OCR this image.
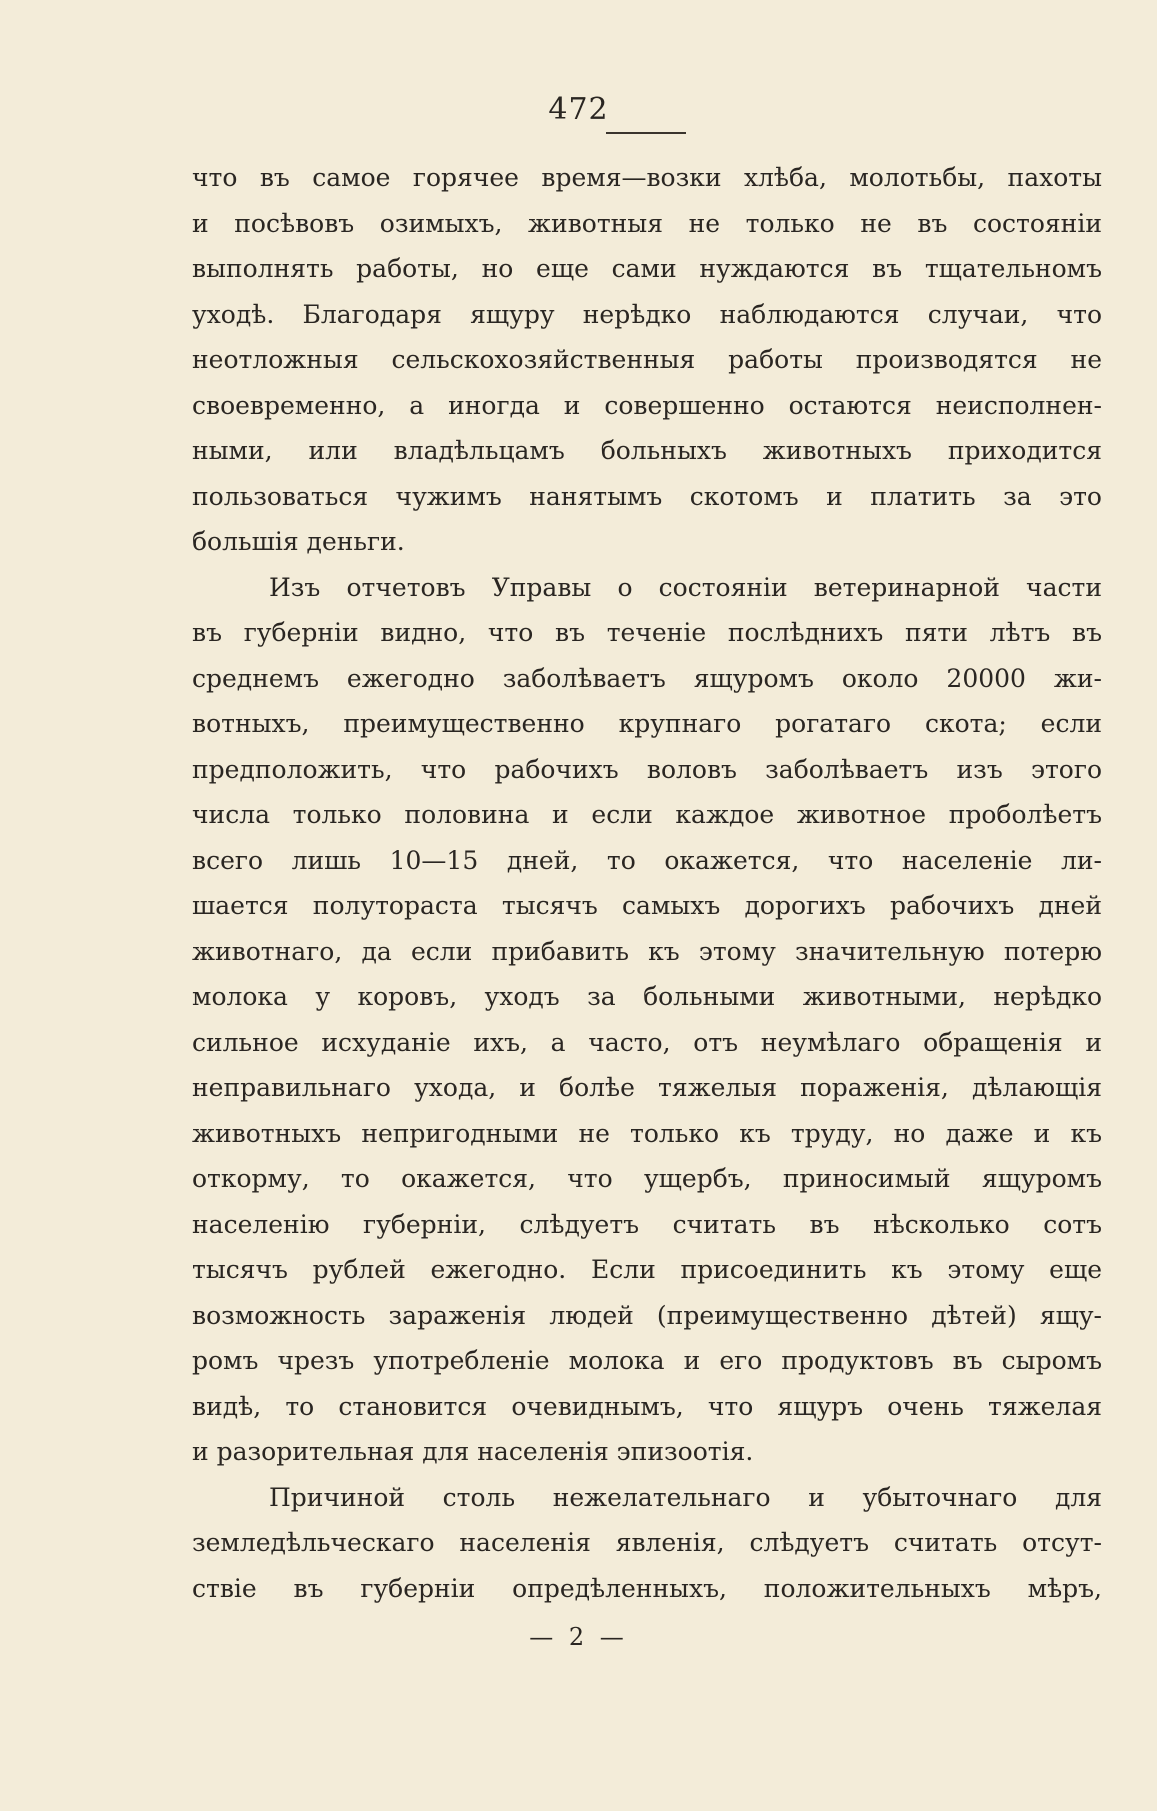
472

что въ самое горячее время—возки хлѣба, молотьбы, пахоты
и посѣвовъ озимыхъ, животныя не только не въ состояніи
выполнять работы, но еще сами нуждаются въ тщательномъ
уходѣ. Благодаря ящуру нерѣдко наблюдаются случаи, что
неотложныя сельскохозяйственныя работы производятся не
своевременно, а иногда и совершенно остаются неисполнен-
ными, или владѣльцамъ больныхъ животныхъ приходится
пользоваться чужимъ нанятымъ скотомъ и платить за это
большія деньги.

Изъ отчетовъ Управы о состояніи ветеринарной части
въ губерніи видно, что въ теченіе послѣднихъ пяти лѣтъ въ
среднемъ ежегодно заболѣваетъ ящуромъ около 20000 жи-
вотныхъ, преимущественно крупнаго рогатаго скота; если
предположить, что рабочихъ воловъ заболѣваетъ изъ этого
числа только половина и если каждое животное проболѣетъ
всего лишь 10—15 дней, то окажется, что населеніе ли-
шается полутораста тысячъ самыхъ дорогихъ рабочихъ дней
животнаго, да если прибавить къ этому значительную потерю
молока у коровъ, уходъ за больными животными, нерѣдко
сильное исхуданіе ихъ, а часто, отъ неумѣлаго обращенія и
неправильнаго ухода, и болѣе тяжелыя пораженія, дѣлающія
животныхъ непригодными не только къ труду, но даже и къ
откорму, то окажется, что ущербъ, приносимый ящуромъ
населенію губерніи, слѣдуетъ считать въ нѣсколько сотъ
тысячъ рублей ежегодно. Если присоединить къ этому еще
возможность зараженія людей (преимущественно дѣтей) ящу-
ромъ чрезъ употребленіе молока и его продуктовъ въ сыромъ
видѣ, то становится очевиднымъ, что ящуръ очень тяжелая
и разорительная для населенія эпизоотія.

Причиной столь нежелательнаго и убыточнаго для
земледѣльческаго населенія явленія, слѣдуетъ считать отсут-
ствіе въ губерніи опредѣленныхъ, положительныхъ мѣръ,

— 2 —
